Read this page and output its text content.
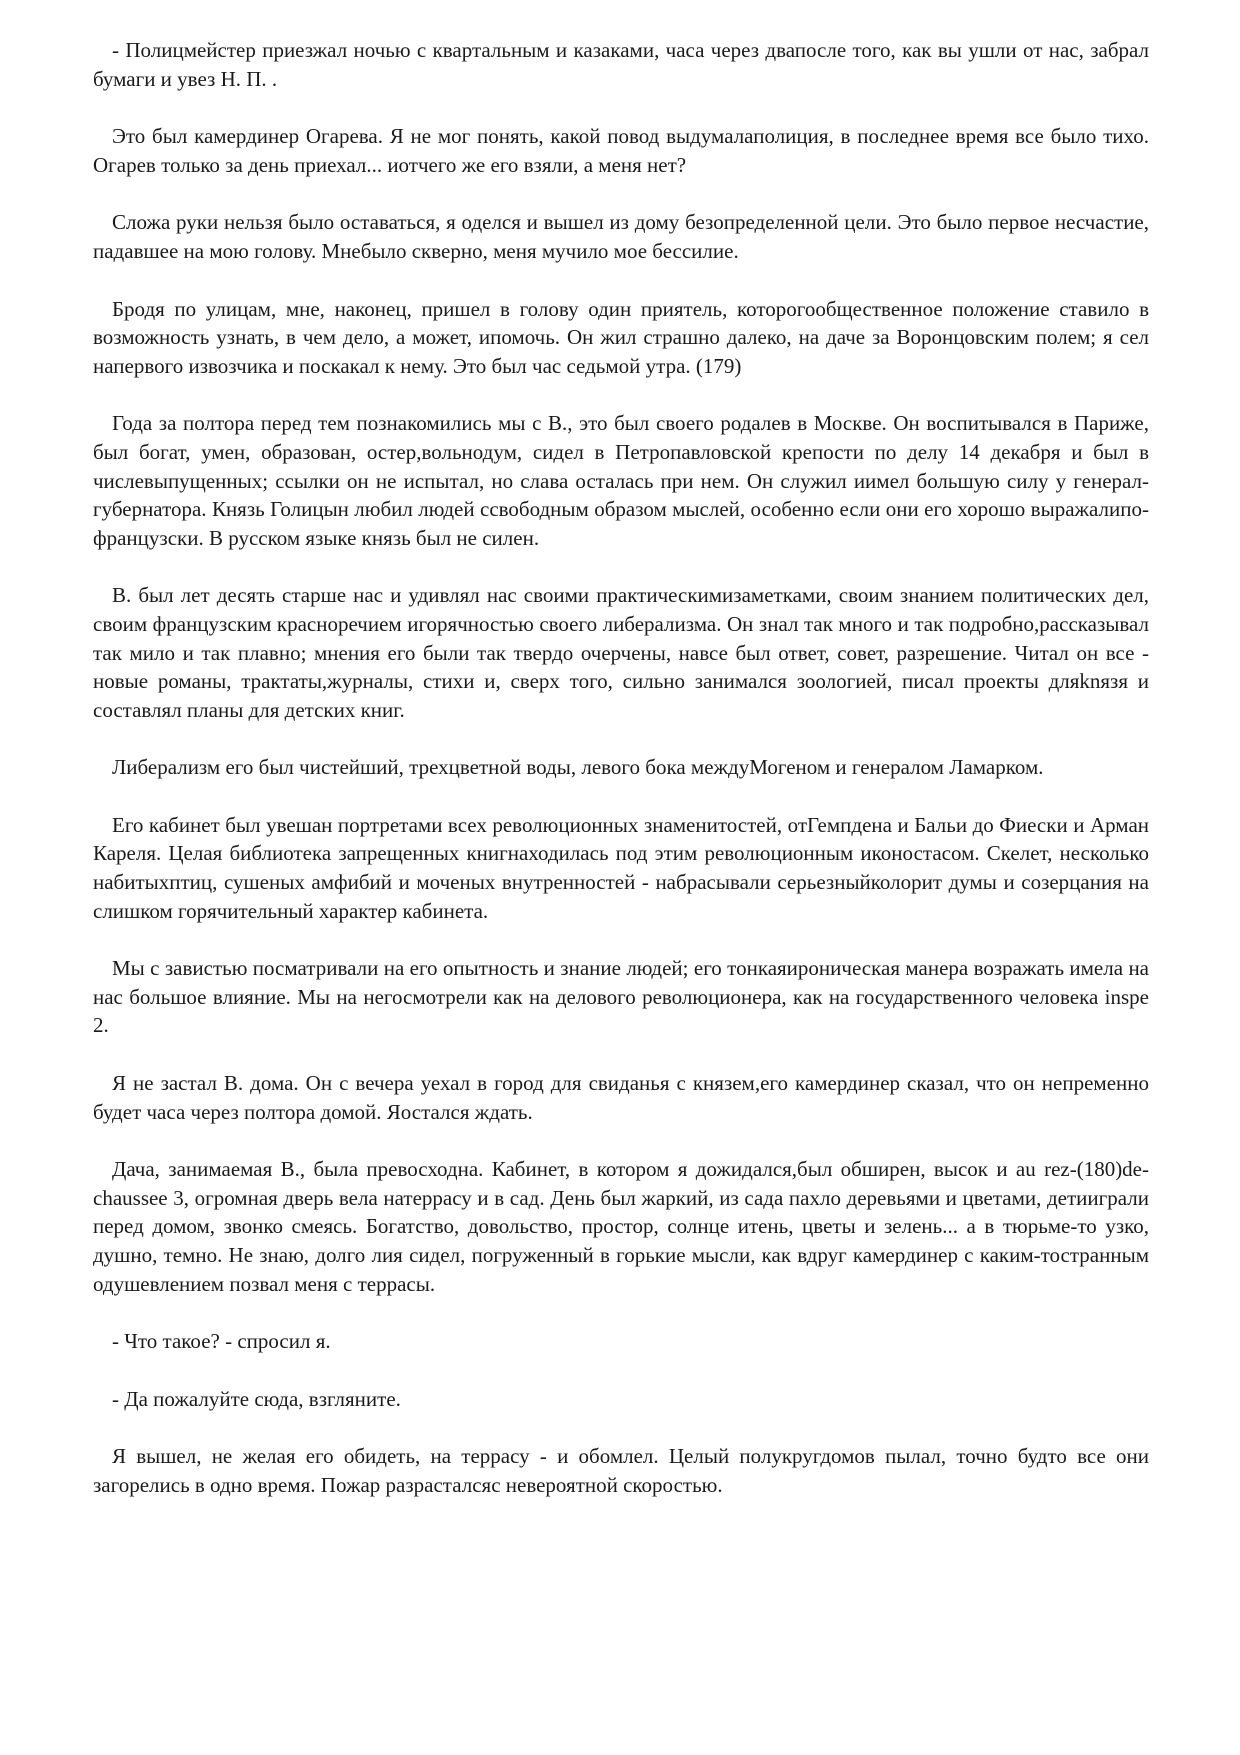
- Полицмейстер приезжал ночью с квартальным и казаками, часа через двапосле того, как вы ушли от нас, забрал бумаги и увез Н. П. .

Это был камердинер Огарева. Я не мог понять, какой повод выдумалаполиция, в последнее время все было тихо. Огарев только за день приехал... иотчего же его взяли, а меня нет?

Сложа руки нельзя было оставаться, я оделся и вышел из дому безопределенной цели. Это было первое несчастие, падавшее на мою голову. Мнебыло скверно, меня мучило мое бессилие.

Бродя по улицам, мне, наконец, пришел в голову один приятель, которогообщественное положение ставило в возможность узнать, в чем дело, а может, ипомочь. Он жил страшно далеко, на даче за Воронцовским полем; я сел напервого извозчика и поскакал к нему. Это был час седьмой утра. (179)

Года за полтора перед тем познакомились мы с В., это был своего родалев в Москве. Он воспитывался в Париже, был богат, умен, образован, остер,вольнодум, сидел в Петропавловской крепости по делу 14 декабря и был в числевыпущенных; ссылки он не испытал, но слава осталась при нем. Он служил иимел большую силу у генерал-губернатора. Князь Голицын любил людей ссвободным образом мыслей, особенно если они его хорошо выражалипо-французски. В русском языке князь был не силен.

В. был лет десять старше нас и удивлял нас своими практическимизаметками, своим знанием политических дел, своим французским красноречием игорячностью своего либерализма. Он знал так много и так подробно,рассказывал так мило и так плавно; мнения его были так твердо очерчены, навсе был ответ, совет, разрешение. Читал он все - новые романы, трактаты,журналы, стихи и, сверх того, сильно занимался зоологией, писал проекты дляknязя и составлял планы для детских книг.

Либерализм его был чистейший, трехцветной воды, левого бока междуМогеном и генералом Ламарком.

Его кабинет был увешан портретами всех революционных знаменитостей, отГемпдена и Бальи до Фиески и Арман Кареля. Целая библиотека запрещенных книгнаходилась под этим революционным иконостасом. Скелет, несколько набитыхптиц, сушеных амфибий и моченых внутренностей - набрасывали серьезныйколорит думы и созерцания на слишком горячительный характер кабинета.

Мы с завистью посматривали на его опытность и знание людей; его тонкаяироническая манера возражать имела на нас большое влияние. Мы на негосмотрели как на делового революционера, как на государственного человека inspe 2.

Я не застал В. дома. Он с вечера уехал в город для свиданья с князем,его камердинер сказал, что он непременно будет часа через полтора домой. Яостался ждать.

Дача, занимаемая В., была превосходна. Кабинет, в котором я дожидался,был обширен, высок и au rez-(180)de-chaussee 3, огромная дверь вела натеррасу и в сад. День был жаркий, из сада пахло деревьями и цветами, детииграли перед домом, звонко смеясь. Богатство, довольство, простор, солнце итень, цветы и зелень... а в тюрьме-то узко, душно, темно. Не знаю, долго лия сидел, погруженный в горькие мысли, как вдруг камердинер с каким-тостранным одушевлением позвал меня с террасы.

- Что такое? - спросил я.

- Да пожалуйте сюда, взгляните.

Я вышел, не желая его обидеть, на террасу - и обомлел. Целый полукругдомов пылал, точно будто все они загорелись в одно время. Пожар разрасталсяс невероятной скоростью.
